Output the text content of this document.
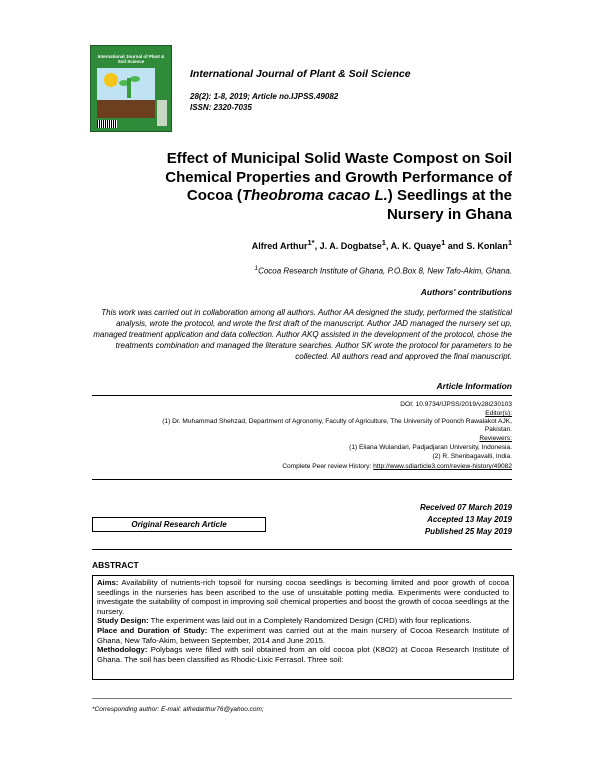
International Journal of Plant & Soil Science
International Journal of Plant & Soil Science
28(2): 1-8, 2019; Article no.IJPSS.49082
ISSN: 2320-7035
Effect of Municipal Solid Waste Compost on Soil
Chemical Properties and Growth Performance of
Cocoa (Theobroma cacao L.) Seedlings at the
Nursery in Ghana
Alfred Arthur$^{1*}$, J. A. Dogbatse$^1$, A. K. Quaye$^1$ and S. Konlan$^1$
$^1$Cocoa Research Institute of Ghana, P.O.Box 8, New Tafo-Akim, Ghana.
Authors' contributions
This work was carried out in collaboration among all authors. Author AA designed the study, performed the statistical analysis, wrote the protocol, and wrote the first draft of the manuscript. Author JAD managed the nursery set up, managed treatment application and data collection. Author AKQ assisted in the development of the protocol, chose the treatments combination and managed the literature searches. Author SK wrote the protocol for parameters to be collected. All authors read and approved the final manuscript.
Article Information
DOI: 10.9734/IJPSS/2019/v28i230103
Editor(s):
(1) Dr. Muhammad Shehzad, Department of Agronomy, Faculty of Agriculture, The University of Poonch Rawalakot AJK,
Pakistan.
Reviewers:
(1) Eliana Wulandari, Padjadjaran University, Indonesia.
(2) R. Shenbagavalli, India.
Complete Peer review History: http://www.sdiarticle3.com/review-history/49082
Original Research Article
Received 07 March 2019
Accepted 13 May 2019
Published 25 May 2019
ABSTRACT
Aims: Availability of nutrients-rich topsoil for nursing cocoa seedlings is becoming limited and poor growth of cocoa seedlings in the nurseries has been ascribed to the use of unsuitable potting media. Experiments were conducted to investigate the suitability of compost in improving soil chemical properties and boost the growth of cocoa seedlings at the nursery.
Study Design: The experiment was laid out in a Completely Randomized Design (CRD) with four replications.
Place and Duration of Study: The experiment was carried out at the main nursery of Cocoa Research Institute of Ghana, New Tafo-Akim, between September, 2014 and June 2015.
Methodology: Polybags were filled with soil obtained from an old cocoa plot (K8O2) at Cocoa Research Institute of Ghana. The soil has been classified as Rhodic-Lixic Ferrasol. Three soil:
*Corresponding author: E-mail: alfredarthur76@yahoo.com;
